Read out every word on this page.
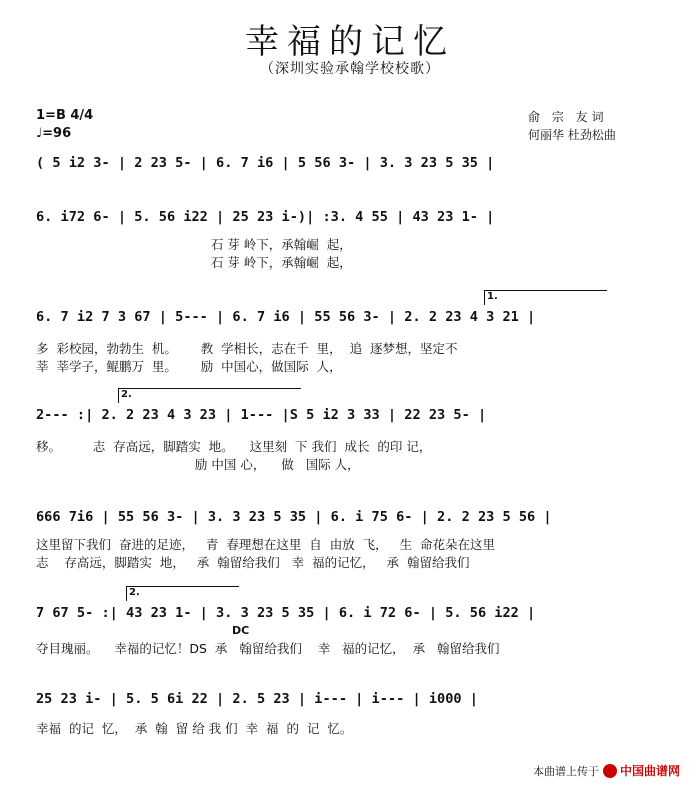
幸福的记忆
（深圳实验承翰学校校歌）
1=B 4/4
♩=96
俞 宗 友词
何丽华 杜劲松曲
( 5 i2 3- | 2 23 5- | 6. 7 i6 | 5 56 3- | 3. 3 23 5 35 |
6. i72 6- | 5. 56 i22 | 25 23 i-)| :3. 4 55 | 43 23 1- |
石 芽 岭下，承翰崛  起，
石 芽 岭下，承翰崛  起，
1.
6. 7 i2 7 3 67 | 5--- | 6. 7 i6 | 55 56 3- | 2. 2 23 4 3 21 |
多  彩校园，勃勃生  机。      教  学相长，志在千  里，  追  逐梦想，坚定不
莘  莘学子，鲲鹏万  里。      励  中国心，做国际  人，
2.
2--- :| 2. 2 23 4 3 23 | 1--- |S 5 i2 3 33 | 22 23 5- |
移。        志  存高远，脚踏实  地。    这里刻  下 我们  成长  的印 记，
励 中国 心，    做   国际 人，
666 7i6 | 55 56 3- | 3. 3 23 5 35 | 6. i 75 6- | 2. 2 23 5 56 |
这里留下我们  奋进的足迹，   青  春理想在这里  自  由放  飞，   生  命花朵在这里
志    存高远，脚踏实  地，   承  翰留给我们   幸  福的记忆，   承  翰留给我们
2.
7 67 5- :| 43 23 1- | 3. 3 23 5 35 | 6. i 72 6- | 5. 56 i22 |
DC
夺目瑰丽。    幸福的记忆！DS  承   翰留给我们    幸   福的记忆，  承   翰留给我们
25 23 i- | 5. 5 6i 22 | 2. 5 23 | i--- | i--- | i000 |
幸福  的记  忆，  承  翰  留 给 我 们  幸  福  的  记  忆。
本曲谱上传于 中国曲谱网
